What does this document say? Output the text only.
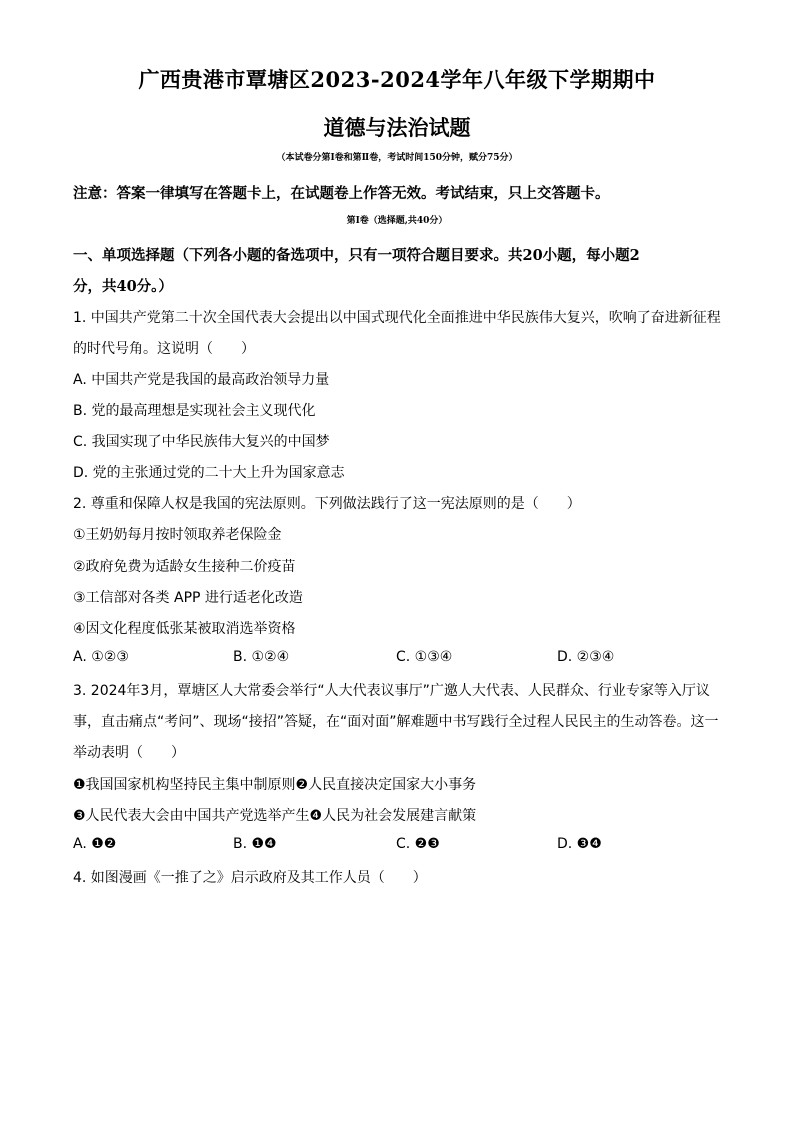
广西贵港市覃塘区2023-2024学年八年级下学期期中
道德与法治试题
（本试卷分第Ⅰ卷和第Ⅱ卷，考试时间150分钟，赋分75分）
注意：答案一律填写在答题卡上，在试题卷上作答无效。考试结束，只上交答题卡。
第Ⅰ卷（选择题,共40分）
一、单项选择题（下列各小题的备选项中，只有一项符合题目要求。共20小题，每小题2
分，共40分。）
1. 中国共产党第二十次全国代表大会提出以中国式现代化全面推进中华民族伟大复兴，吹响了奋进新征程
的时代号角。这说明（　　）
A. 中国共产党是我国的最高政治领导力量
B. 党的最高理想是实现社会主义现代化
C. 我国实现了中华民族伟大复兴的中国梦
D. 党的主张通过党的二十大上升为国家意志
2. 尊重和保障人权是我国的宪法原则。下列做法践行了这一宪法原则的是（　　）
①王奶奶每月按时领取养老保险金
②政府免费为适龄女生接种二价疫苗
③工信部对各类 APP 进行适老化改造
④因文化程度低张某被取消选举资格
A. ①②③	B. ①②④	C. ①③④	D. ②③④
3. 2024年3月，覃塘区人大常委会举行“人大代表议事厅”广邀人大代表、人民群众、行业专家等入厅议
事，直击痛点“考问”、现场“接招”答疑，在“面对面”解难题中书写践行全过程人民民主的生动答卷。这一
举动表明（　　）
❶我国国家机构坚持民主集中制原则❷人民直接决定国家大小事务
❸人民代表大会由中国共产党选举产生❹人民为社会发展建言献策
A. ❶❷	B. ❶❹	C. ❷❸	D. ❸❹
4. 如图漫画《一推了之》启示政府及其工作人员（　　）
